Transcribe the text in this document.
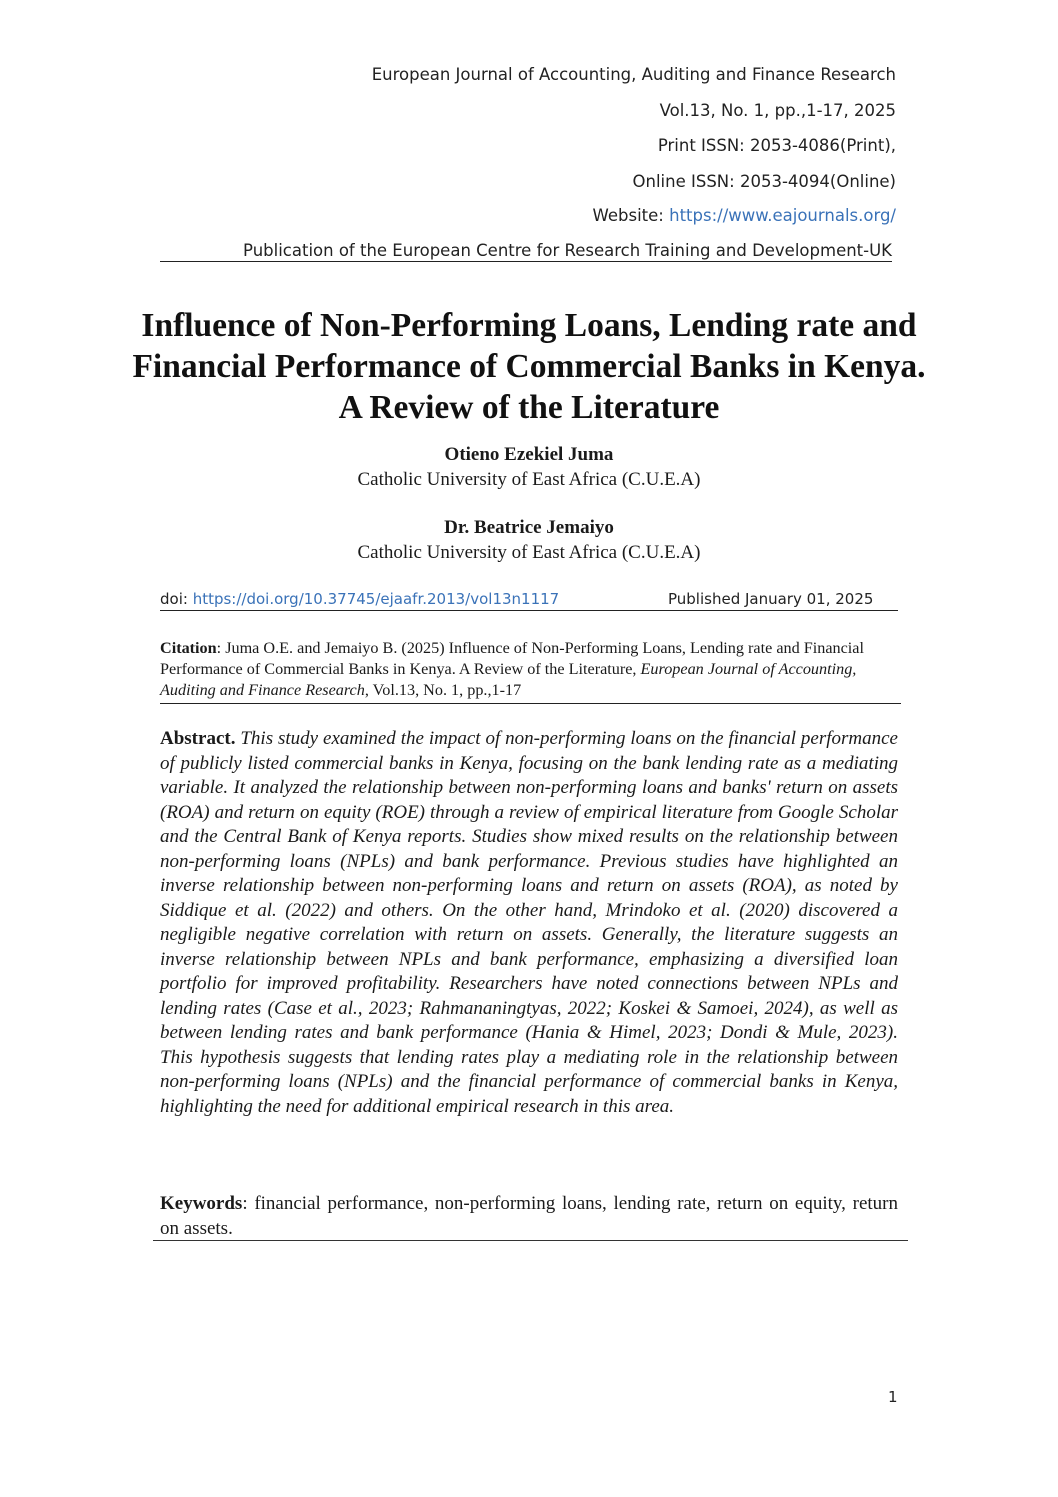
European Journal of Accounting, Auditing and Finance Research
Vol.13, No. 1, pp.,1-17, 2025
Print ISSN: 2053-4086(Print),
Online ISSN: 2053-4094(Online)
Website: https://www.eajournals.org/
Publication of the European Centre for Research Training and Development-UK
Influence of Non-Performing Loans, Lending rate and Financial Performance of Commercial Banks in Kenya. A Review of the Literature
Otieno Ezekiel Juma
Catholic University of East Africa (C.U.E.A)
Dr. Beatrice Jemaiyo
Catholic University of East Africa (C.U.E.A)
doi: https://doi.org/10.37745/ejaafr.2013/vol13n1117	Published January 01, 2025
Citation: Juma O.E. and Jemaiyo B. (2025) Influence of Non-Performing Loans, Lending rate and Financial Performance of Commercial Banks in Kenya. A Review of the Literature, European Journal of Accounting, Auditing and Finance Research, Vol.13, No. 1, pp.,1-17
Abstract. This study examined the impact of non-performing loans on the financial performance of publicly listed commercial banks in Kenya, focusing on the bank lending rate as a mediating variable. It analyzed the relationship between non-performing loans and banks' return on assets (ROA) and return on equity (ROE) through a review of empirical literature from Google Scholar and the Central Bank of Kenya reports. Studies show mixed results on the relationship between non-performing loans (NPLs) and bank performance. Previous studies have highlighted an inverse relationship between non-performing loans and return on assets (ROA), as noted by Siddique et al. (2022) and others. On the other hand, Mrindoko et al. (2020) discovered a negligible negative correlation with return on assets. Generally, the literature suggests an inverse relationship between NPLs and bank performance, emphasizing a diversified loan portfolio for improved profitability. Researchers have noted connections between NPLs and lending rates (Case et al., 2023; Rahmananingtyas, 2022; Koskei & Samoei, 2024), as well as between lending rates and bank performance (Hania & Himel, 2023; Dondi & Mule, 2023). This hypothesis suggests that lending rates play a mediating role in the relationship between non-performing loans (NPLs) and the financial performance of commercial banks in Kenya, highlighting the need for additional empirical research in this area.
Keywords: financial performance, non-performing loans, lending rate, return on equity, return on assets.
1
